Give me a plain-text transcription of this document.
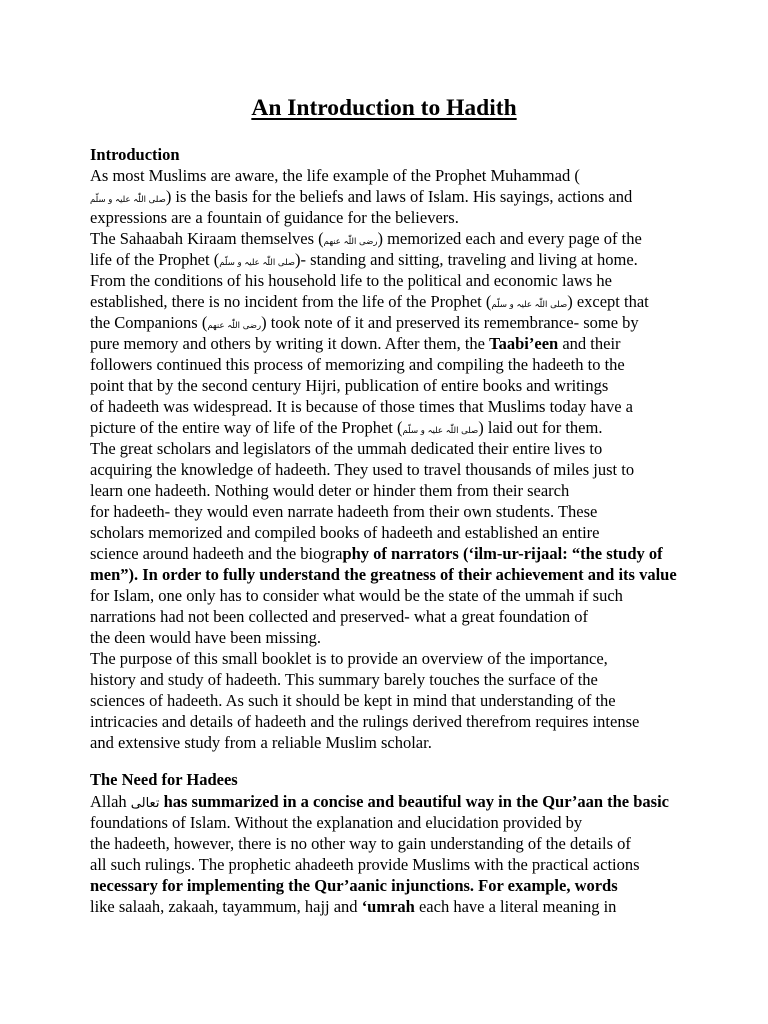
An Introduction to Hadith
Introduction
As most Muslims are aware, the life example of the Prophet Muhammad (
صلى اللّٰہ علیہ و سلّم) is the basis for the beliefs and laws of Islam. His sayings, actions and
expressions are a fountain of guidance for the believers.
The Sahaabah Kiraam themselves (رضى اللّٰہ عنهم) memorized each and every page of the
life of the Prophet (صلى اللّٰہ علیہ و سلّم)- standing and sitting, traveling and living at home.
From the conditions of his household life to the political and economic laws he
established, there is no incident from the life of the Prophet (صلى اللّٰہ علیہ و سلّم) except that
the Companions (رضى اللّٰہ عنهم) took note of it and preserved its remembrance- some by
pure memory and others by writing it down. After them, the Taabi’een and their
followers continued this process of memorizing and compiling the hadeeth to the
point that by the second century Hijri, publication of entire books and writings
of hadeeth was widespread. It is because of those times that Muslims today have a
picture of the entire way of life of the Prophet (صلى اللّٰہ علیہ و سلّم) laid out for them.
The great scholars and legislators of the ummah dedicated their entire lives to
acquiring the knowledge of hadeeth. They used to travel thousands of miles just to
learn one hadeeth. Nothing would deter or hinder them from their search
for hadeeth- they would even narrate hadeeth from their own students. These
scholars memorized and compiled books of hadeeth and established an entire
science around hadeeth and the biography of narrators (‘ilm-ur-rijaal: “the study of
men”). In order to fully understand the greatness of their achievement and its value
for Islam, one only has to consider what would be the state of the ummah if such
narrations had not been collected and preserved- what a great foundation of
the deen would have been missing.
The purpose of this small booklet is to provide an overview of the importance,
history and study of hadeeth. This summary barely touches the surface of the
sciences of hadeeth. As such it should be kept in mind that understanding of the
intricacies and details of hadeeth and the rulings derived therefrom requires intense
and extensive study from a reliable Muslim scholar.
The Need for Hadees
Allah تعالى has summarized in a concise and beautiful way in the Qur’aan the basic
foundations of Islam. Without the explanation and elucidation provided by
the hadeeth, however, there is no other way to gain understanding of the details of
all such rulings. The prophetic ahadeeth provide Muslims with the practical actions
necessary for implementing the Qur’aanic injunctions. For example, words
like salaah, zakaah, tayammum, hajj and ‘umrah each have a literal meaning in
